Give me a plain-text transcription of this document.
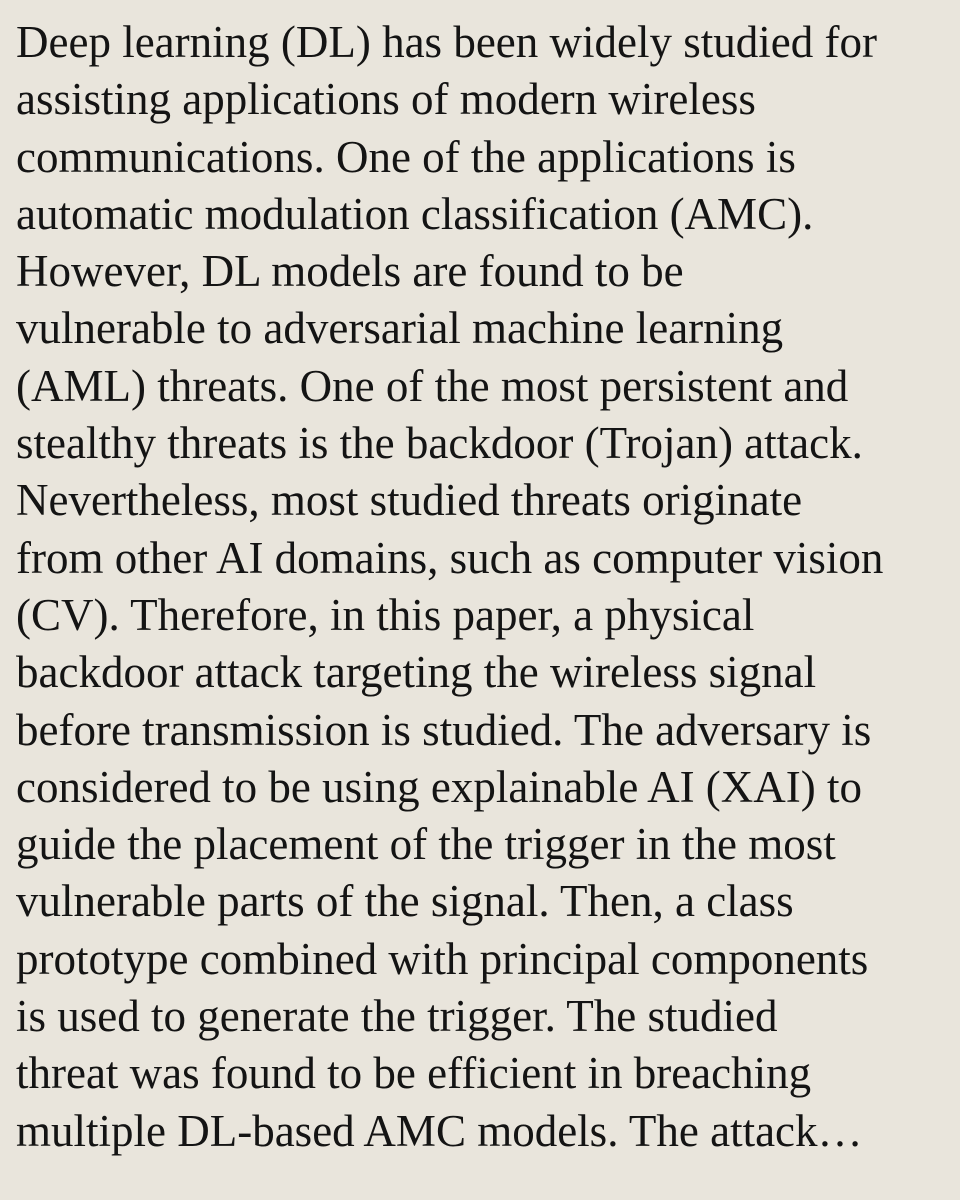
Deep learning (DL) has been widely studied for
assisting applications of modern wireless
communications. One of the applications is
automatic modulation classification (AMC).
However, DL models are found to be
vulnerable to adversarial machine learning
(AML) threats. One of the most persistent and
stealthy threats is the backdoor (Trojan) attack.
Nevertheless, most studied threats originate
from other AI domains, such as computer vision
(CV). Therefore, in this paper, a physical
backdoor attack targeting the wireless signal
before transmission is studied. The adversary is
considered to be using explainable AI (XAI) to
guide the placement of the trigger in the most
vulnerable parts of the signal. Then, a class
prototype combined with principal components
is used to generate the trigger. The studied
threat was found to be efficient in breaching
multiple DL-based AMC models. The attack…
